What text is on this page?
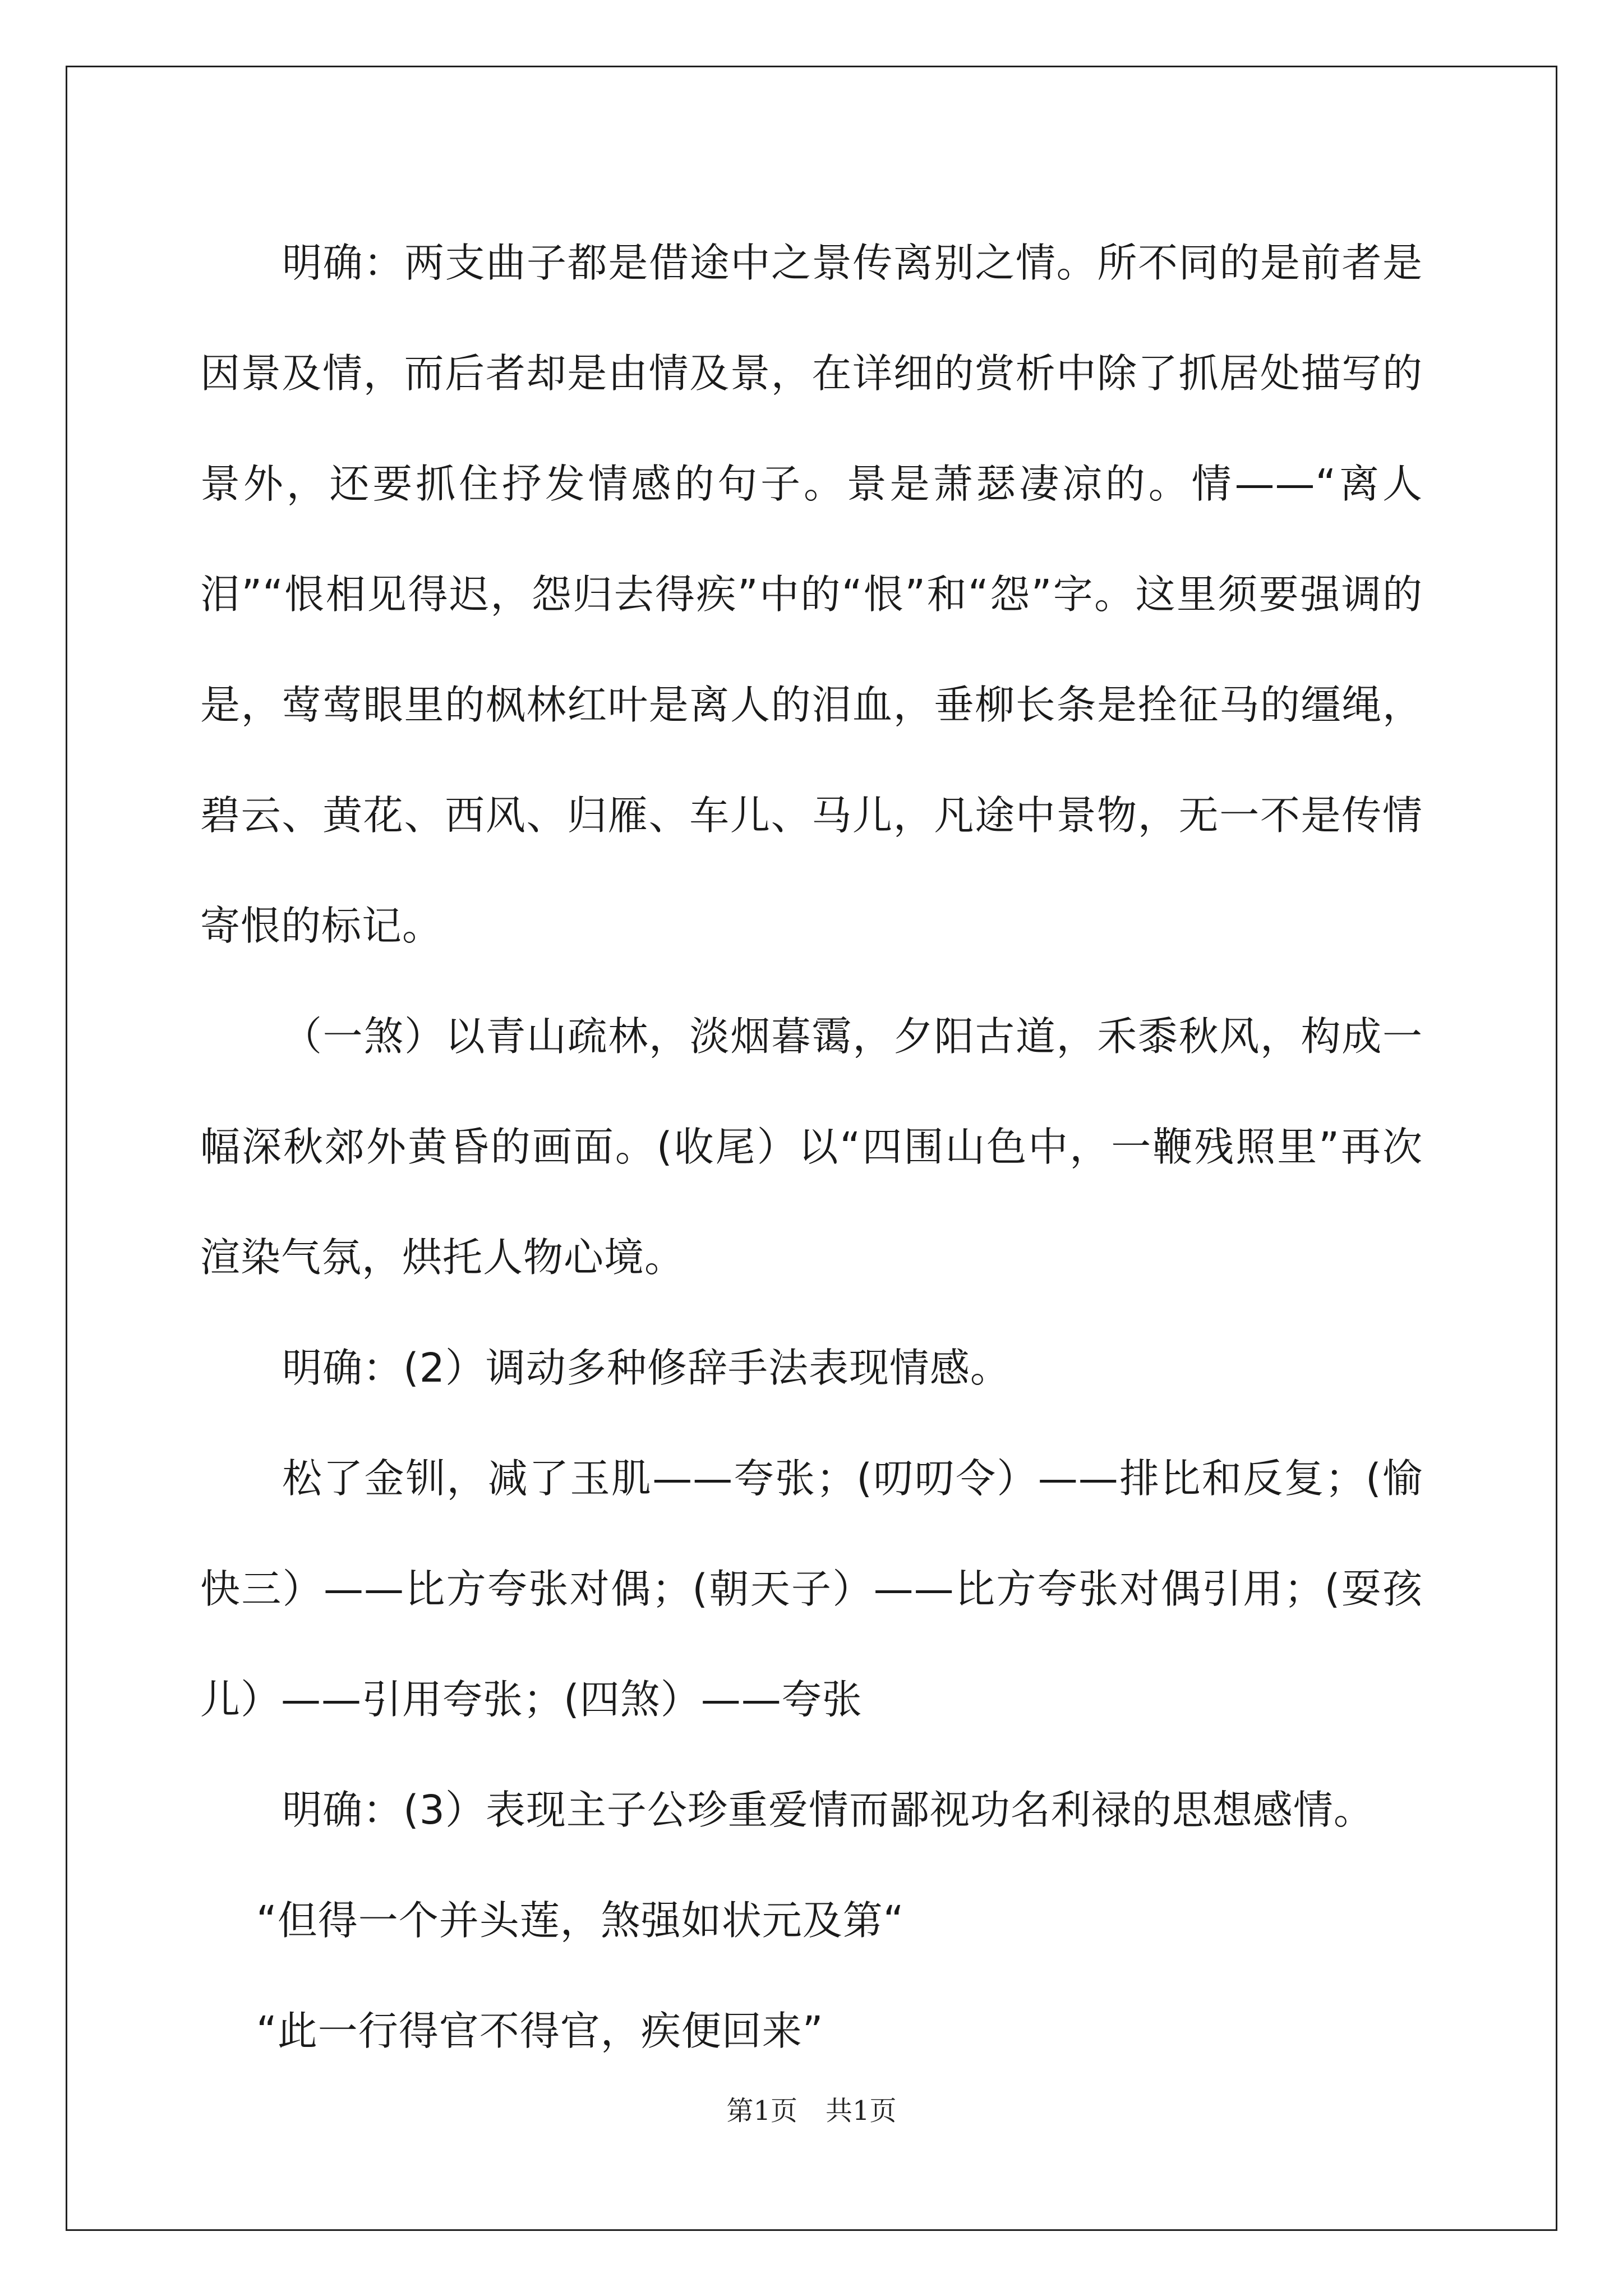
明确：两支曲子都是借途中之景传离别之情。所不同的是前者是因景及情，而后者却是由情及景，在详细的赏析中除了抓居处描写的景外，还要抓住抒发情感的句子。景是萧瑟凄凉的。情——“离人泪”“恨相见得迟，怨归去得疾”中的“恨”和“怨”字。这里须要强调的是，莺莺眼里的枫林红叶是离人的泪血，垂柳长条是拴征马的缰绳，碧云、黄花、西风、归雁、车儿、马儿，凡途中景物，无一不是传情寄恨的标记。

（一煞）以青山疏林，淡烟暮霭，夕阳古道，禾黍秋风，构成一幅深秋郊外黄昏的画面。(收尾）以“四围山色中，一鞭残照里”再次渲染气氛，烘托人物心境。

明确：(2）调动多种修辞手法表现情感。

松了金钏，减了玉肌——夸张；(叨叨令）——排比和反复；(愉快三）——比方夸张对偶；(朝天子）——比方夸张对偶引用；(耍孩儿）——引用夸张；(四煞）——夸张

明确：(3）表现主子公珍重爱情而鄙视功名利禄的思想感情。

“但得一个并头莲，煞强如状元及第“

“此一行得官不得官，疾便回来”

第1页 共1页
